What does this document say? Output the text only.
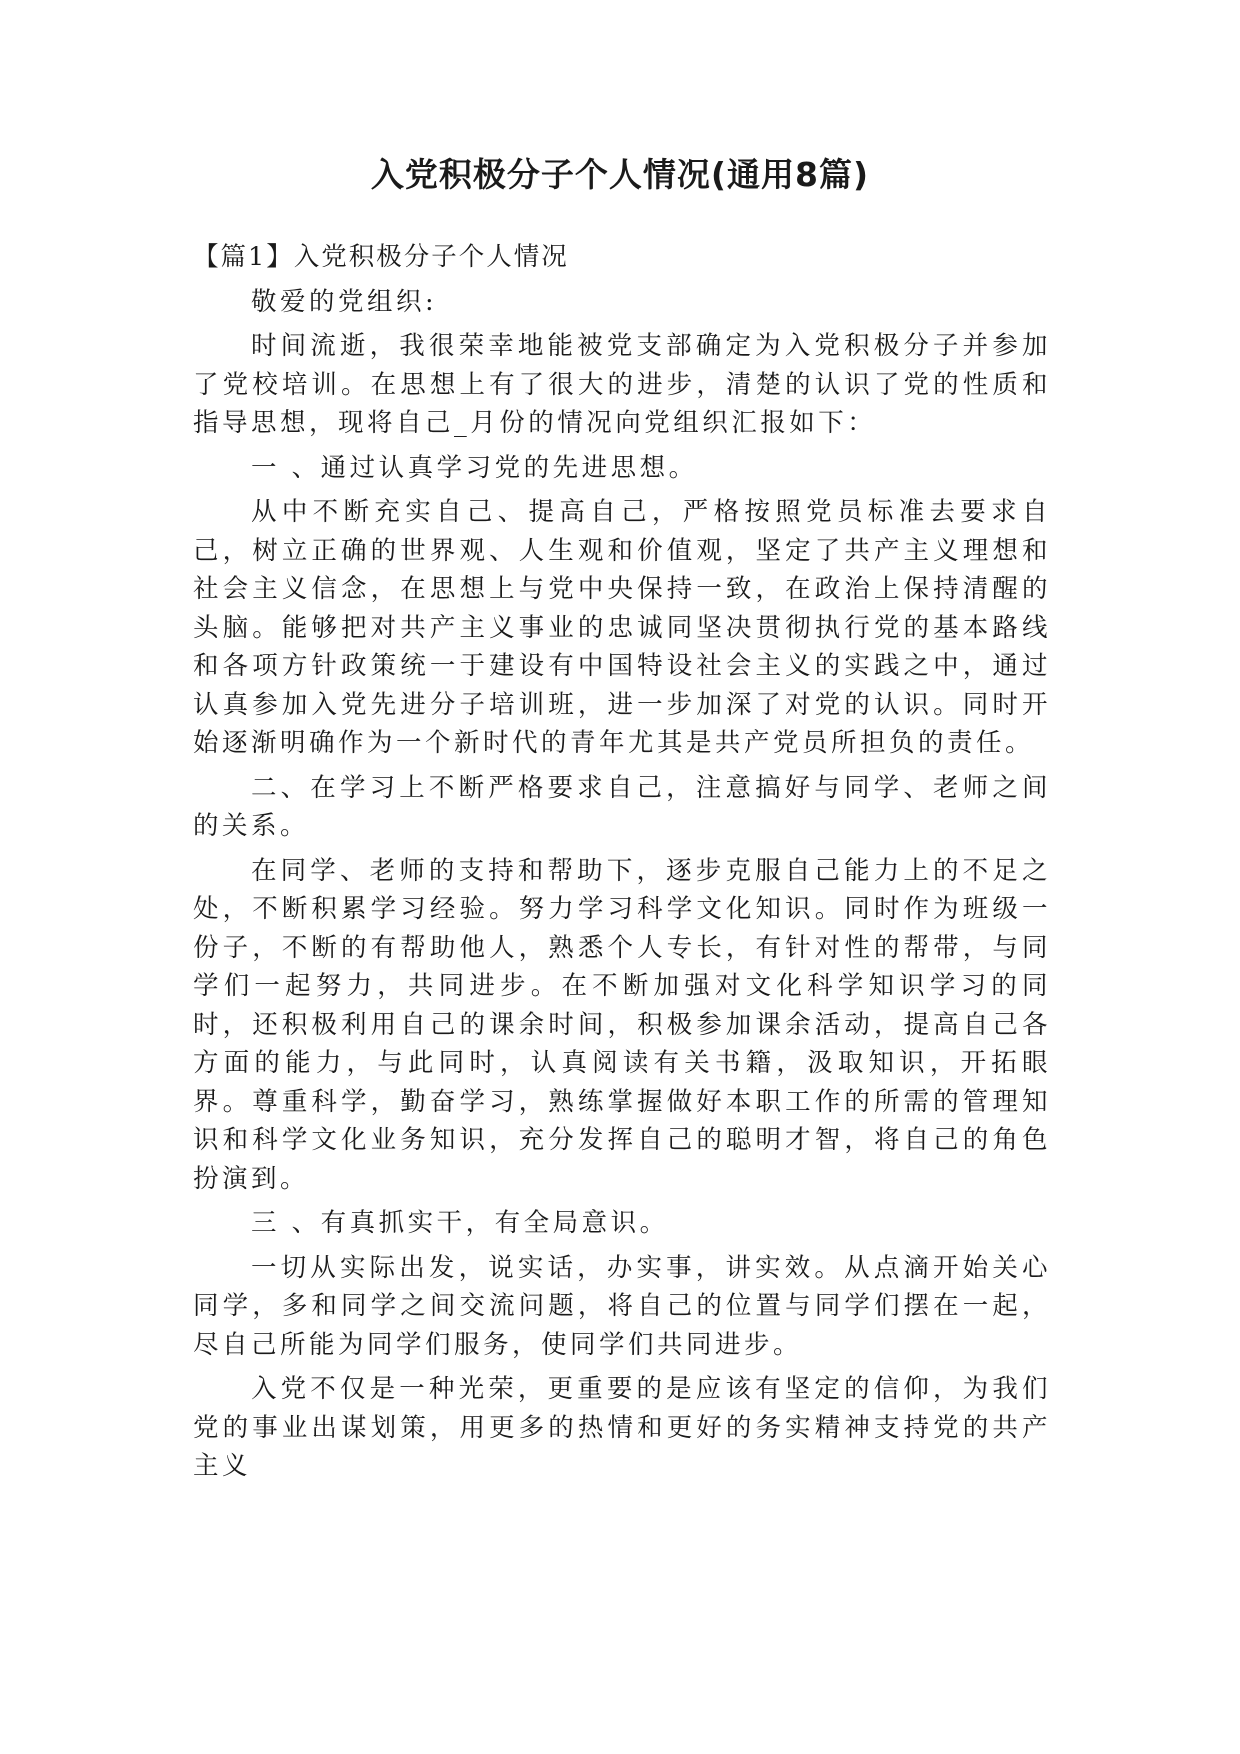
入党积极分子个人情况(通用8篇)

【篇1】入党积极分子个人情况

敬爱的党组织:

时间流逝，我很荣幸地能被党支部确定为入党积极分子并参加了党校培训。在思想上有了很大的进步，清楚的认识了党的性质和指导思想，现将自己_月份的情况向党组织汇报如下：

一 、通过认真学习党的先进思想。

从中不断充实自己、提高自己，严格按照党员标准去要求自己，树立正确的世界观、人生观和价值观，坚定了共产主义理想和社会主义信念，在思想上与党中央保持一致，在政治上保持清醒的头脑。能够把对共产主义事业的忠诚同坚决贯彻执行党的基本路线和各项方针政策统一于建设有中国特设社会主义的实践之中，通过认真参加入党先进分子培训班，进一步加深了对党的认识。同时开始逐渐明确作为一个新时代的青年尤其是共产党员所担负的责任。

二、在学习上不断严格要求自己，注意搞好与同学、老师之间的关系。

在同学、老师的支持和帮助下，逐步克服自己能力上的不足之处，不断积累学习经验。努力学习科学文化知识。同时作为班级一份子，不断的有帮助他人，熟悉个人专长，有针对性的帮带，与同学们一起努力，共同进步。在不断加强对文化科学知识学习的同时，还积极利用自己的课余时间，积极参加课余活动，提高自己各方面的能力，与此同时，认真阅读有关书籍，汲取知识，开拓眼界。尊重科学，勤奋学习，熟练掌握做好本职工作的所需的管理知识和科学文化业务知识，充分发挥自己的聪明才智，将自己的角色扮演到。

三 、有真抓实干，有全局意识。

一切从实际出发，说实话，办实事，讲实效。从点滴开始关心同学，多和同学之间交流问题，将自己的位置与同学们摆在一起，尽自己所能为同学们服务，使同学们共同进步。

入党不仅是一种光荣，更重要的是应该有坚定的信仰，为我们党的事业出谋划策，用更多的热情和更好的务实精神支持党的共产主义
